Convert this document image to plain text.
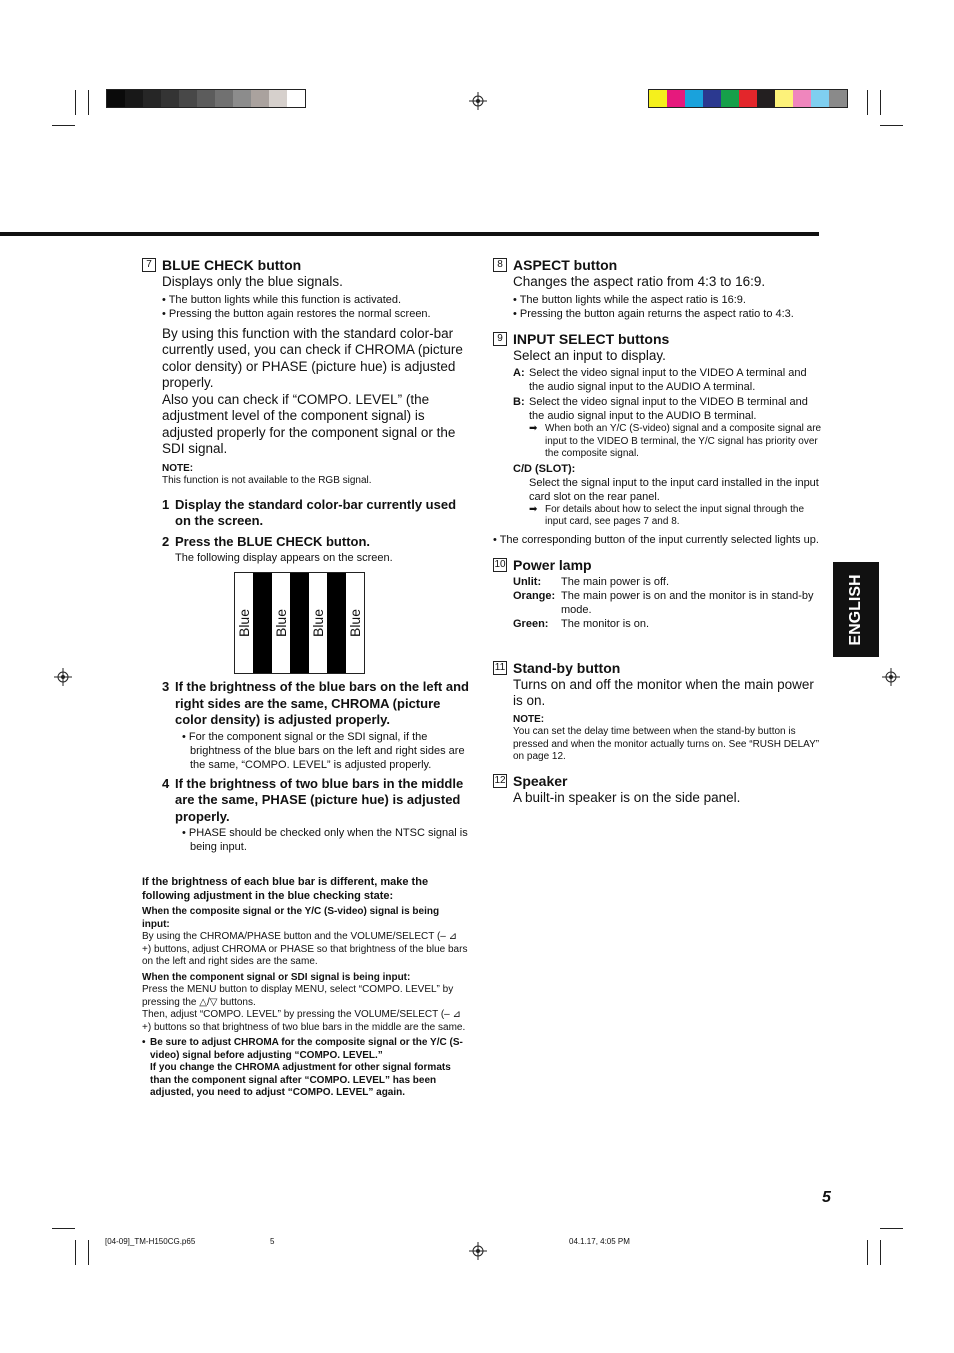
7 BLUE CHECK button

Displays only the blue signals.

• The button lights while this function is activated.

• Pressing the button again restores the normal screen.

By using this function with the standard color-bar currently used, you can check if CHROMA (picture color density) or PHASE (picture hue) is adjusted properly.

Also you can check if “COMPO. LEVEL” (the adjustment level of the component signal) is adjusted properly for the component signal or the SDI signal.

NOTE:

This function is not available to the RGB signal.

1 Display the standard color-bar currently used on the screen.
2 Press the BLUE CHECK button.

The following display appears on the screen.

Blue Blue Blue Blue
3 If the brightness of the blue bars on the left and right sides are the same, CHROMA (picture color density) is adjusted properly.

• For the component signal or the SDI signal, if the brightness of the blue bars on the left and right sides are the same, “COMPO. LEVEL” is adjusted properly.

4 If the brightness of two blue bars in the middle are the same, PHASE (picture hue) is adjusted properly.

• PHASE should be checked only when the NTSC signal is being input.

If the brightness of each blue bar is different, make the following adjustment in the blue checking state:

When the composite signal or the Y/C (S-video) signal is being input:

By using the CHROMA/PHASE button and the VOLUME/SELECT (– ⊿ +) buttons, adjust CHROMA or PHASE so that brightness of the blue bars on the left and right sides are the same.

When the component signal or SDI signal is being input:

Press the MENU button to display MENU, select “COMPO. LEVEL” by pressing the △/▽ buttons.

Then, adjust “COMPO. LEVEL” by pressing the VOLUME/SELECT (– ⊿ +) buttons so that brightness of two blue bars in the middle are the same.

• Be sure to adjust CHROMA for the composite signal or the Y/C (S-video) signal before adjusting “COMPO. LEVEL.”

If you change the CHROMA adjustment for other signal formats than the component signal after “COMPO. LEVEL” has been adjusted, you need to adjust “COMPO. LEVEL” again.

8 ASPECT button

Changes the aspect ratio from 4:3 to 16:9.

• The button lights while the aspect ratio is 16:9.

• Pressing the button again returns the aspect ratio to 4:3.

9 INPUT SELECT buttons

Select an input to display.

A: Select the video signal input to the VIDEO A terminal and the audio signal input to the AUDIO A terminal.
B: Select the video signal input to the VIDEO B terminal and the audio signal input to the AUDIO B terminal.
➡ When both an Y/C (S-video) signal and a composite signal are input to the VIDEO B terminal, the Y/C signal has priority over the composite signal.

C/D (SLOT):

Select the signal input to the input card installed in the input card slot on the rear panel.

➡ For details about how to select the input signal through the input card, see pages 7 and 8.

• The corresponding button of the input currently selected lights up.

10 Power lamp
Unlit:	The main power is off.
Orange: The main power is on and the monitor is in stand-by mode.
Green:	The monitor is on.
11 Stand-by button

Turns on and off the monitor when the main power is on.

NOTE:

You can set the delay time between when the stand-by button is pressed and when the monitor actually turns on. See “RUSH DELAY” on page 12.

12 Speaker

A built-in speaker is on the side panel.

ENGLISH
5
[04-09]_TM-H150CG.p65	5	04.1.17, 4:05 PM
